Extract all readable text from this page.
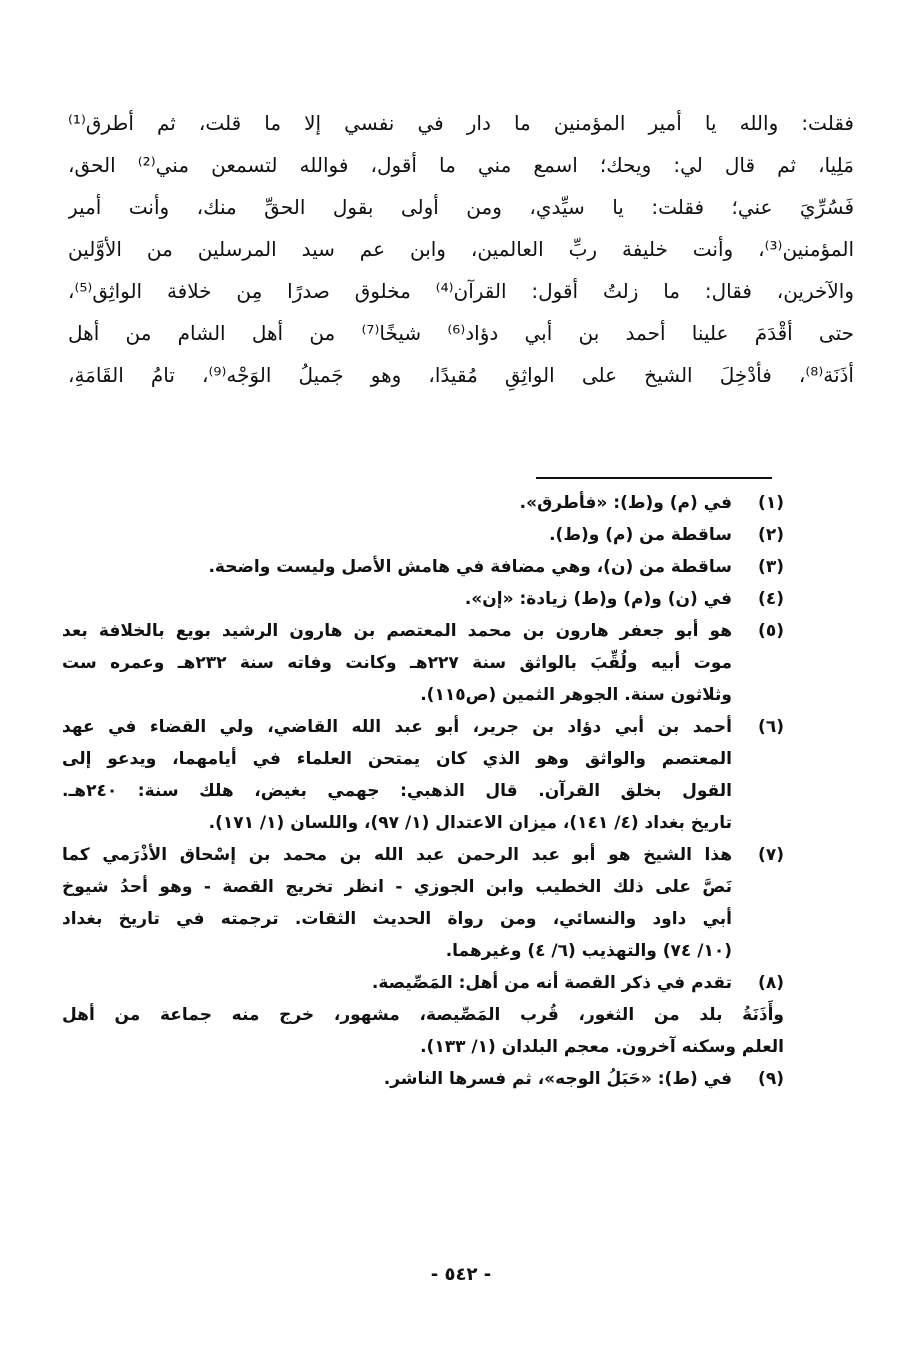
فقلت: والله يا أمير المؤمنين ما دار في نفسي إلا ما قلت، ثم أطرق⁽¹⁾
مَلِيا، ثم قال لي: ويحك؛ اسمع مني ما أقول، فوالله لتسمعن مني⁽²⁾ الحق،
فَسُرِّيَ عني؛ فقلت: يا سيِّدي، ومن أولى بقول الحقِّ منك، وأنت أمير
المؤمنين⁽³⁾، وأنت خليفة ربِّ العالمين، وابن عم سيد المرسلين من الأوَّلين
والآخرين، فقال: ما زلتُ أقول: القرآن⁽⁴⁾ مخلوق صدرًا مِن خلافة الواثِق⁽⁵⁾،
حتى أقْدَمَ علينا أحمد بن أبي دؤاد⁽⁶⁾ شيخًا⁽⁷⁾ من أهل الشام من أهل
أذَنَة⁽⁸⁾، فأدْخِلَ الشيخ على الواثِقِ مُقيدًا، وهو جَميلُ الوَجْه⁽⁹⁾، تامُ القَامَةِ،
(١)
في (م) و(ط): «فأطرق».
(٢)
ساقطة من (م) و(ط).
(٣)
ساقطة من (ن)، وهي مضافة في هامش الأصل وليست واضحة.
(٤)
في (ن) و(م) و(ط) زيادة: «إن».
(٥)
هو أبو جعفر هارون بن محمد المعتصم بن هارون الرشيد بويع بالخلافة بعد
موت أبيه ولُقِّبَ بالواثق سنة ٢٢٧هـ وكانت وفاته سنة ٢٣٢هـ وعمره ست
وثلاثون سنة. الجوهر الثمين (ص١١٥).
(٦)
أحمد بن أبي دؤاد بن جرير، أبو عبد الله القاضي، ولي القضاء في عهد
المعتصم والواثق وهو الذي كان يمتحن العلماء في أيامهما، ويدعو إلى
القول بخلق القرآن. قال الذهبي: جهمي بغيض، هلك سنة: ٢٤٠هـ.
تاريخ بغداد (٤/ ١٤١)، ميزان الاعتدال (١/ ٩٧)، واللسان (١/ ١٧١).
(٧)
هذا الشيخ هو أبو عبد الرحمن عبد الله بن محمد بن إسْحاق الأذْرَمي كما
نَصَّ على ذلك الخطيب وابن الجوزي - انظر تخريج القصة - وهو أحدُ شيوخ
أبي داود والنسائي، ومن رواة الحديث الثقات. ترجمته في تاريخ بغداد
(١٠/ ٧٤) والتهذيب (٦/ ٤) وغيرهما.
(٨)
تقدم في ذكر القصة أنه من أهل: المَصِّيصة.
وأَذَنَةُ بلد من الثغور، قُرب المَصِّيصة، مشهور، خرج منه جماعة من أهل
العلم وسكنه آخرون. معجم البلدان (١/ ١٣٣).
(٩)
في (ط): «حَبَلُ الوجه»، ثم فسرها الناشر.
- ٥٤٢ -
